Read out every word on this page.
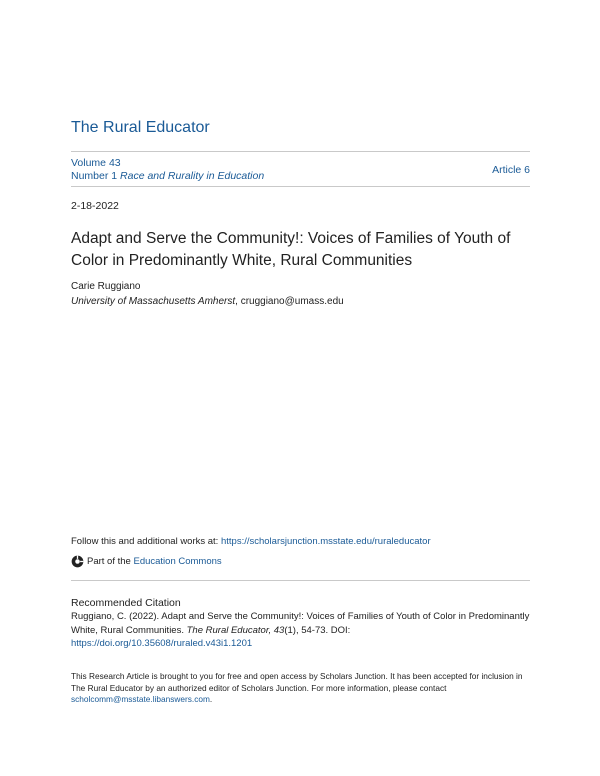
The Rural Educator
Volume 43
Number 1 Race and Rurality in Education	Article 6
2-18-2022
Adapt and Serve the Community!: Voices of Families of Youth of Color in Predominantly White, Rural Communities
Carie Ruggiano
University of Massachusetts Amherst, cruggiano@umass.edu
Follow this and additional works at: https://scholarsjunction.msstate.edu/ruraleducator
Part of the
Education Commons
Recommended Citation
Ruggiano, C. (2022). Adapt and Serve the Community!: Voices of Families of Youth of Color in Predominantly White, Rural Communities. The Rural Educator, 43(1), 54-73. DOI: https://doi.org/10.35608/ruraled.v43i1.1201
This Research Article is brought to you for free and open access by Scholars Junction. It has been accepted for inclusion in The Rural Educator by an authorized editor of Scholars Junction. For more information, please contact scholcomm@msstate.libanswers.com.
